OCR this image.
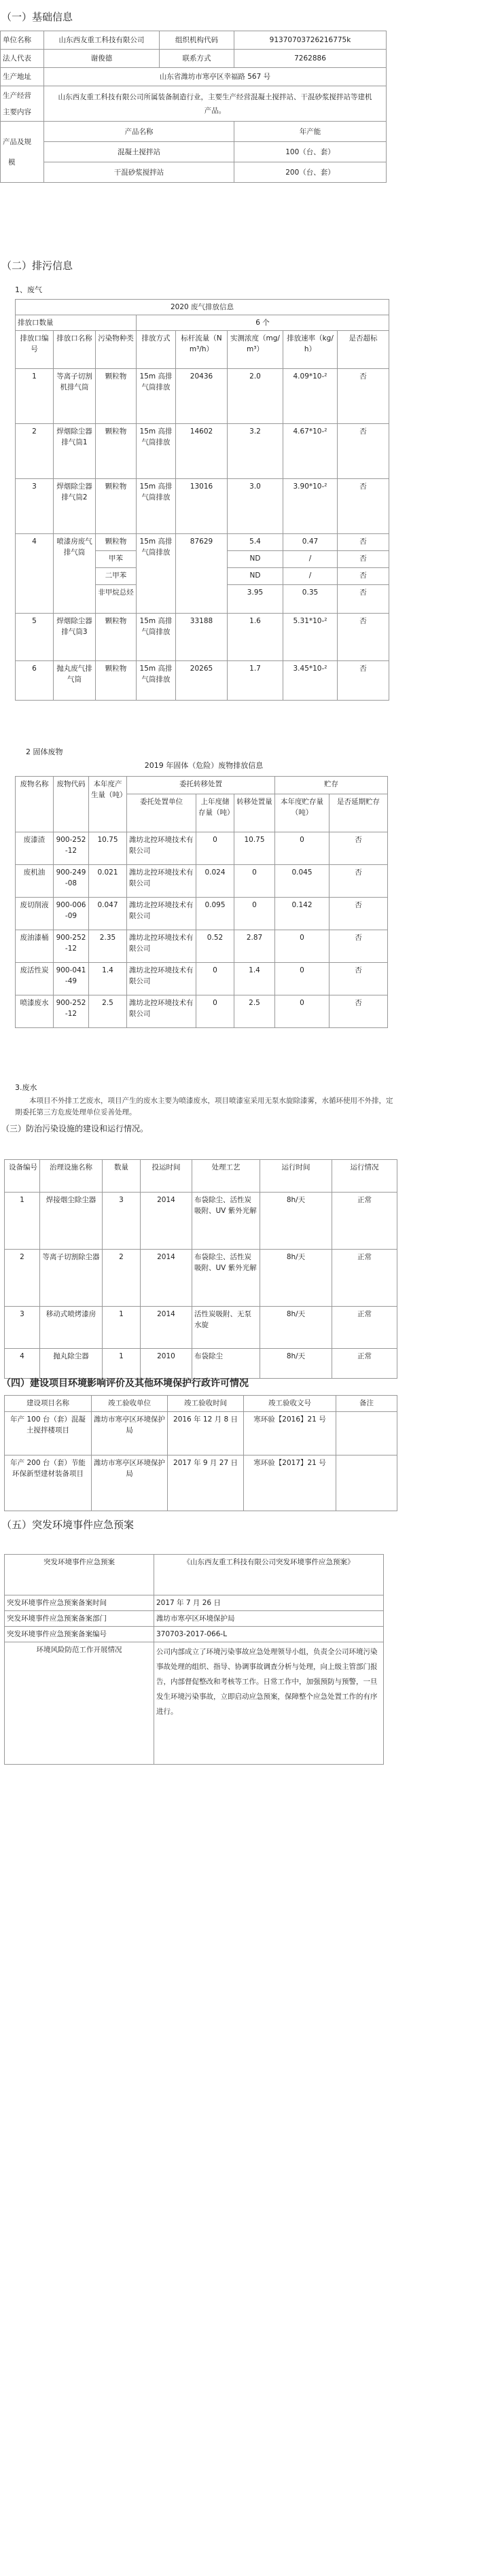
（一）基础信息

单位名称	山东西友重工科技有限公司	组织机构代码	91370703726216775k
法人代表	谢俊德	联系方式	7262886
生产地址	山东省潍坊市寒亭区幸福路 567 号		

生产经营
主要内容	山东西友重工科技有限公司所属装备制造行业，主要生产经营混凝土搅拌站、干混砂浆搅拌站等建机产品。		

产品及规
模	产品名称		年产能
	混凝土搅拌站		100（台、套）
	干混砂浆搅拌站		200（台、套）

（二）排污信息

1、废气

2020 废气排放信息							
排放口数量			6 个				
排放口编号	排放口名称	污染物种类	排放方式	标杆流量（Nm³/h）	实测浓度（mg/m³）	排放速率（kg/h）	是否超标
1	等离子切割机排气筒	颗粒物	15m 高排气筒排放	20436	2.0	4.09*10-²	否
2	焊烟除尘器排气筒1	颗粒物	15m 高排气筒排放	14602	3.2	4.67*10-²	否
3	焊烟除尘器排气筒2	颗粒物	15m 高排气筒排放	13016	3.0	3.90*10-²	否
4	喷漆房废气排气筒	颗粒物	15m 高排气筒排放	87629	5.4	0.47	否
		甲苯			ND	/	否
		二甲苯			ND	/	否
		非甲烷总烃			3.95	0.35	否
5	焊烟除尘器排气筒3	颗粒物	15m 高排气筒排放	33188	1.6	5.31*10-²	否
6	抛丸废气排气筒	颗粒物	15m 高排气筒排放	20265	1.7	3.45*10-²	否

2 固体废物

2019 年固体（危险）废物排放信息

废物名称	废物代码	本年度产生量（吨）	委托转移处置			贮存	
			委托处置单位	上年度储存量（吨）	转移处置量	本年度贮存量（吨）	是否延期贮存
废漆渣	900-252-12	10.75	潍坊北控环境技术有限公司	0	10.75	0	否
废机油	900-249-08	0.021	潍坊北控环境技术有限公司	0.024	0	0.045	否
废切削液	900-006-09	0.047	潍坊北控环境技术有限公司	0.095	0	0.142	否
废油漆桶	900-252-12	2.35	潍坊北控环境技术有限公司	0.52	2.87	0	否
废活性炭	900-041-49	1.4	潍坊北控环境技术有限公司	0	1.4	0	否
喷漆废水	900-252-12	2.5	潍坊北控环境技术有限公司	0	2.5	0	否

3.废水

本项目不外排工艺废水，项目产生的废水主要为喷漆废水，项目喷漆室采用无泵水旋除漆雾，水循环使用不外排，定期委托第三方危废处理单位妥善处理。

（三）防治污染设施的建设和运行情况。

设备编号	治理设施名称	数量	投运时间	处理工艺	运行时间	运行情况
1	焊接烟尘除尘器	3	2014	布袋除尘、活性炭吸附、UV 紫外光解	8h/天	正常
2	等离子切割除尘器	2	2014	布袋除尘、活性炭吸附、UV 紫外光解	8h/天	正常
3	移动式喷烤漆房	1	2014	活性炭吸附、无泵水旋	8h/天	正常
4	抛丸除尘器	1	2010	布袋除尘	8h/天	正常

（四）建设项目环境影响评价及其他环境保护行政许可情况

建设项目名称	竣工验收单位	竣工验收时间	竣工验收文号	备注
年产 100 台（套）混凝土搅拌楼项目	潍坊市寒亭区环境保护局	2016 年 12 月 8 日	寒环验【2016】21 号	
年产 200 台（套）节能环保新型建材装备项目	潍坊市寒亭区环境保护局	2017 年 9 月 27 日	寒环验【2017】21 号	

（五）突发环境事件应急预案

突发环境事件应急预案	《山东西友重工科技有限公司突发环境事件应急预案》
突发环境事件应急预案备案时间	2017 年 7 月 26 日
突发环境事件应急预案备案部门	潍坊市寒亭区环境保护局
突发环境事件应急预案备案编号	370703-2017-066-L
环境风险防范工作开展情况	公司内部成立了环境污染事故应急处理领导小组，负责全公司环境污染事故处理的组织、指导、协调事故调查分析与处理，向上级主管部门报告，内部督促整改和考核等工作。日常工作中，加强预防与预警，一旦发生环境污染事故，立即启动应急预案，保障整个应急处置工作的有序进行。
